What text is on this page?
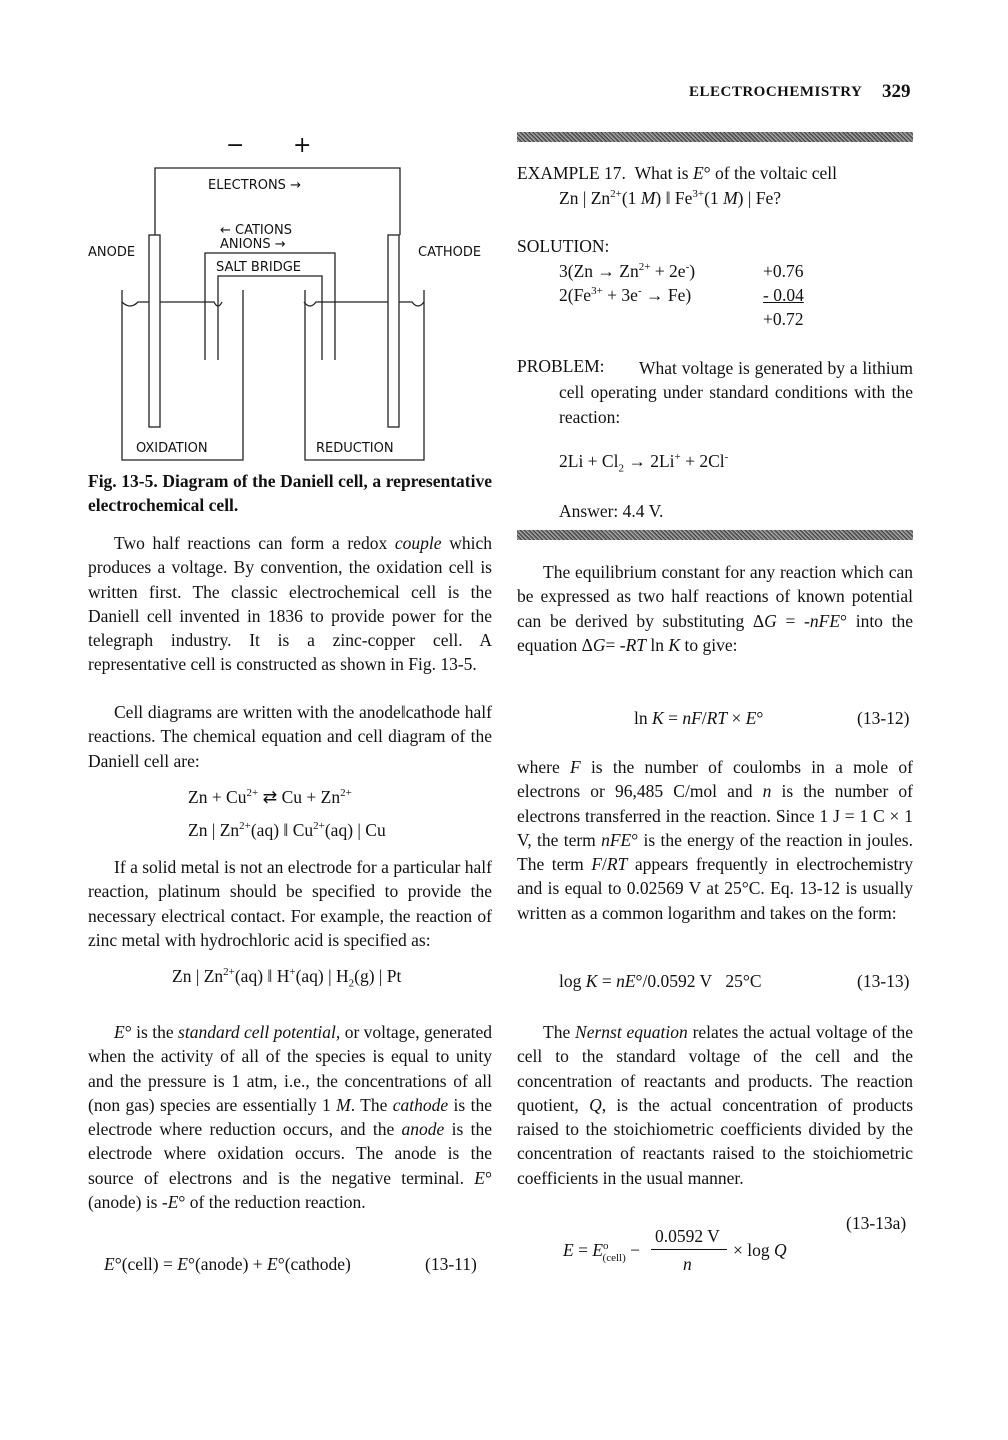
ELECTROCHEMISTRY 329
− +
ELECTRONS →
← CATIONS
ANIONS →
SALT BRIDGE
ANODE	CATHODE
OXIDATION	REDUCTION
Fig. 13-5. Diagram of the Daniell cell, a representative electrochemical cell.
Two half reactions can form a redox couple which produces a voltage. By convention, the oxidation cell is written first. The classic electrochemical cell is the Daniell cell invented in 1836 to provide power for the telegraph industry. It is a zinc-copper cell. A representative cell is constructed as shown in Fig. 13-5.
Cell diagrams are written with the anode‖cathode half reactions. The chemical equation and cell diagram of the Daniell cell are:
$Zn + Cu^{2+}$ ⇄ $Cu + Zn^{2+}$
Zn | $Zn^{2+}(aq)$ ‖ $Cu^{2+}(aq)$ | Cu
If a solid metal is not an electrode for a particular half reaction, platinum should be specified to provide the necessary electrical contact. For example, the reaction of zinc metal with hydrochloric acid is specified as:
Zn | $Zn^{2+}(aq)$ ‖ H+(aq) | $H_2(g)$ | Pt
E° is the standard cell potential, or voltage, generated when the activity of all of the species is equal to unity and the pressure is 1 atm, i.e., the concentrations of all (non gas) species are essentially 1 M. The cathode is the electrode where reduction occurs, and the anode is the electrode where oxidation occurs. The anode is the source of electrons and is the negative terminal. E°(anode) is -E° of the reduction reaction.
E°(cell) = E°(anode) + E°(cathode)	(13-11)
EXAMPLE 17.  What is E° of the voltaic cell
Zn | $Zn^{2+}(1$ M) ‖ $Fe^{3+}(1$ M) | Fe?
SOLUTION:
$3(Zn \to Zn^{2+} + 2e^-)$	+0.76
$2(Fe^{3+} + 3e^- \to Fe)$	- 0.04
+0.72
PROBLEM:	What voltage is generated by a lithium cell operating under standard conditions with the reaction:
$2Li + Cl_2 \to 2Li^+ + 2Cl^-$
Answer: 4.4 V.
The equilibrium constant for any reaction which can be expressed as two half reactions of known potential can be derived by substituting ΔG = -nFE° into the equation ΔG= -RT ln K to give:
ln K = nF/RT × E°	(13-12)
where F is the number of coulombs in a mole of electrons or 96,485 C/mol and n is the number of electrons transferred in the reaction. Since 1 J = 1 C × 1 V, the term nFE° is the energy of the reaction in joules. The term F/RT appears frequently in electrochemistry and is equal to 0.02569 V at 25°C. Eq. 13-12 is usually written as a common logarithm and takes on the form:
log K = nE°/0.0592 V   25°C	(13-13)
The Nernst equation relates the actual voltage of the cell to the standard voltage of the cell and the concentration of reactants and products. The reaction quotient, Q, is the actual concentration of products raised to the stoichiometric coefficients divided by the concentration of reactants raised to the stoichiometric coefficients in the usual manner.
(13-13a)
$E = E^o_{(cell)}$ −
0.0592 V
n
× log Q
